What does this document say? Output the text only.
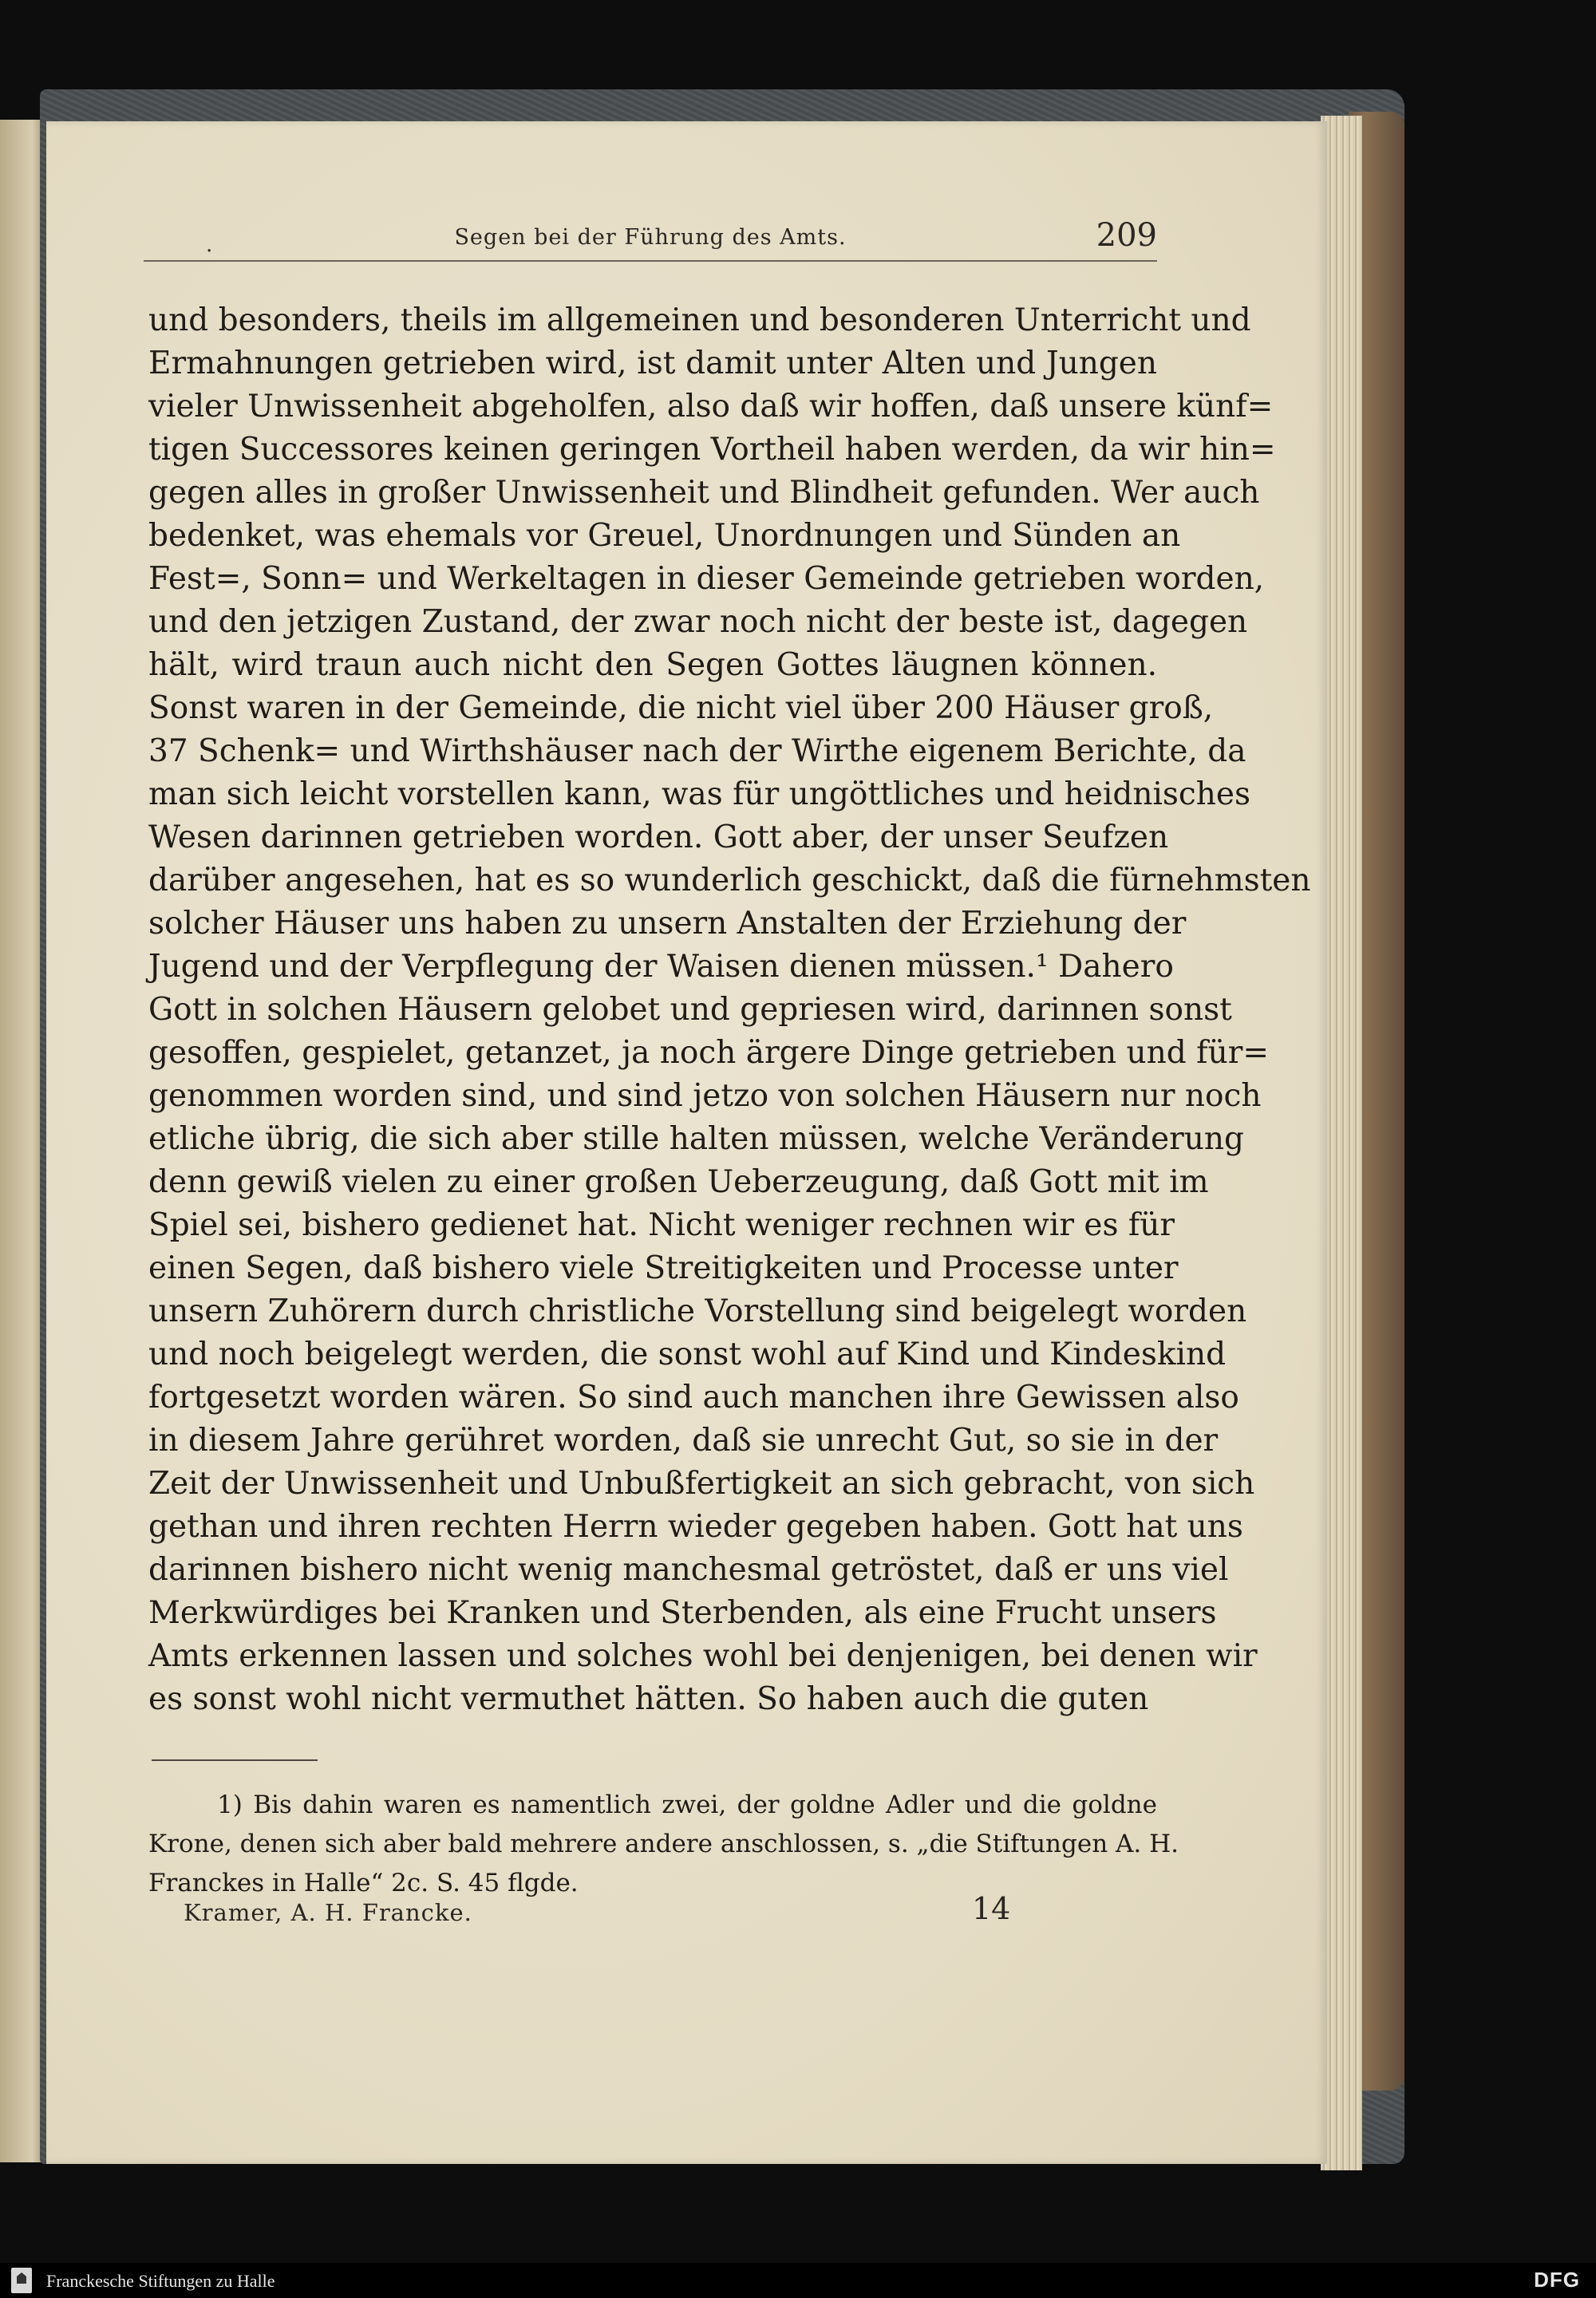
.	Segen bei der Führung des Amts.	209
und besonders, theils im allgemeinen und besonderen Unterricht und
Ermahnungen getrieben wird, ist damit unter Alten und Jungen
vieler Unwissenheit abgeholfen, also daß wir hoffen, daß unsere künf=
tigen Successores keinen geringen Vortheil haben werden, da wir hin=
gegen alles in großer Unwissenheit und Blindheit gefunden. Wer auch
bedenket, was ehemals vor Greuel, Unordnungen und Sünden an
Fest=, Sonn= und Werkeltagen in dieser Gemeinde getrieben worden,
und den jetzigen Zustand, der zwar noch nicht der beste ist, dagegen
hält, wird traun auch nicht den Segen Gottes läugnen können.
Sonst waren in der Gemeinde, die nicht viel über 200 Häuser groß,
37 Schenk= und Wirthshäuser nach der Wirthe eigenem Berichte, da
man sich leicht vorstellen kann, was für ungöttliches und heidnisches
Wesen darinnen getrieben worden. Gott aber, der unser Seufzen
darüber angesehen, hat es so wunderlich geschickt, daß die fürnehmsten
solcher Häuser uns haben zu unsern Anstalten der Erziehung der
Jugend und der Verpflegung der Waisen dienen müssen.¹ Dahero
Gott in solchen Häusern gelobet und gepriesen wird, darinnen sonst
gesoffen, gespielet, getanzet, ja noch ärgere Dinge getrieben und für=
genommen worden sind, und sind jetzo von solchen Häusern nur noch
etliche übrig, die sich aber stille halten müssen, welche Veränderung
denn gewiß vielen zu einer großen Ueberzeugung, daß Gott mit im
Spiel sei, bishero gedienet hat. Nicht weniger rechnen wir es für
einen Segen, daß bishero viele Streitigkeiten und Processe unter
unsern Zuhörern durch christliche Vorstellung sind beigelegt worden
und noch beigelegt werden, die sonst wohl auf Kind und Kindeskind
fortgesetzt worden wären. So sind auch manchen ihre Gewissen also
in diesem Jahre gerühret worden, daß sie unrecht Gut, so sie in der
Zeit der Unwissenheit und Unbußfertigkeit an sich gebracht, von sich
gethan und ihren rechten Herrn wieder gegeben haben. Gott hat uns
darinnen bishero nicht wenig manchesmal getröstet, daß er uns viel
Merkwürdiges bei Kranken und Sterbenden, als eine Frucht unsers
Amts erkennen lassen und solches wohl bei denjenigen, bei denen wir
es sonst wohl nicht vermuthet hätten. So haben auch die guten
1) Bis dahin waren es namentlich zwei, der goldne Adler und die goldne
Krone, denen sich aber bald mehrere andere anschlossen, s. „die Stiftungen A. H.
Franckes in Halle“ 2c. S. 45 flgde.
Kramer, A. H. Francke.	14
Franckesche Stiftungen zu Halle	DFG
